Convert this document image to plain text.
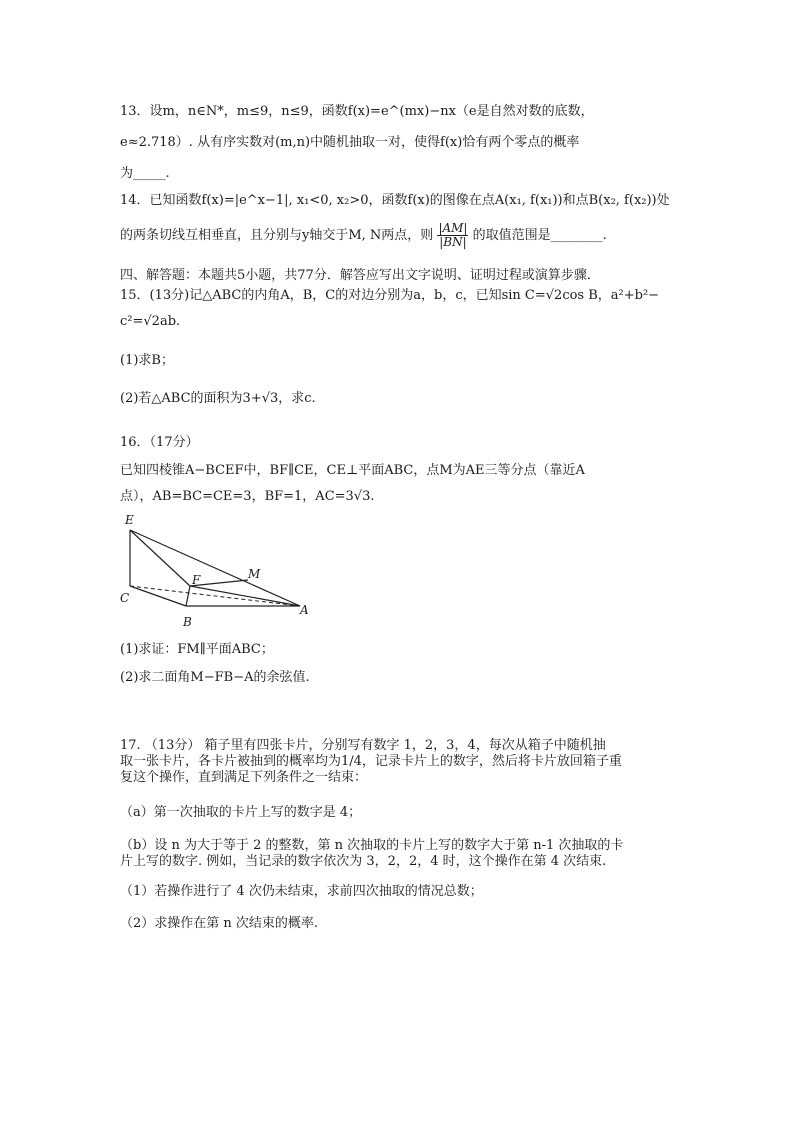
13．设m，n∈N*，m≤9，n≤9，函数f(x)=e^(mx)−nx（e是自然对数的底数，
e≈2.718）. 从有序实数对(m,n)中随机抽取一对，使得f(x)恰有两个零点的概率
为_____.
14．已知函数f(x)=|e^x−1|, x₁<0, x₂>0，函数f(x)的图像在点A(x₁, f(x₁))和点B(x₂, f(x₂))处
的两条切线互相垂直，且分别与y轴交于M, N两点，则 $\frac{|AM|}{|BN|}$ 的取值范围是________.
四、解答题：本题共5小题，共77分．解答应写出文字说明、证明过程或演算步骤．
15．(13分)记△ABC的内角A，B，C的对边分别为a，b，c，已知sin C=√2cos B，a²+b²−
c²=√2ab.
(1)求B；
(2)若△ABC的面积为3+√3，求c.
16．（17分）
已知四棱锥A−BCEF中，BF∥CE，CE⊥平面ABC，点M为AE三等分点（靠近A
点），AB=BC=CE=3，BF=1，AC=3√3.
E
F	M
C
B
A
(1)求证：FM∥平面ABC；
(2)求二面角M−FB−A的余弦值.
17. （13分） 箱子里有四张卡片，分别写有数字 1，2，3，4，每次从箱子中随机抽
取一张卡片，各卡片被抽到的概率均为1/4，记录卡片上的数字，然后将卡片放回箱子重
复这个操作，直到满足下列条件之一结束：
（a）第一次抽取的卡片上写的数字是 4；
（b）设 n 为大于等于 2 的整数，第 n 次抽取的卡片上写的数字大于第 n-1 次抽取的卡
片上写的数字. 例如，当记录的数字依次为 3，2，2，4 时，这个操作在第 4 次结束.
（1）若操作进行了 4 次仍未结束，求前四次抽取的情况总数；
（2）求操作在第 n 次结束的概率.
